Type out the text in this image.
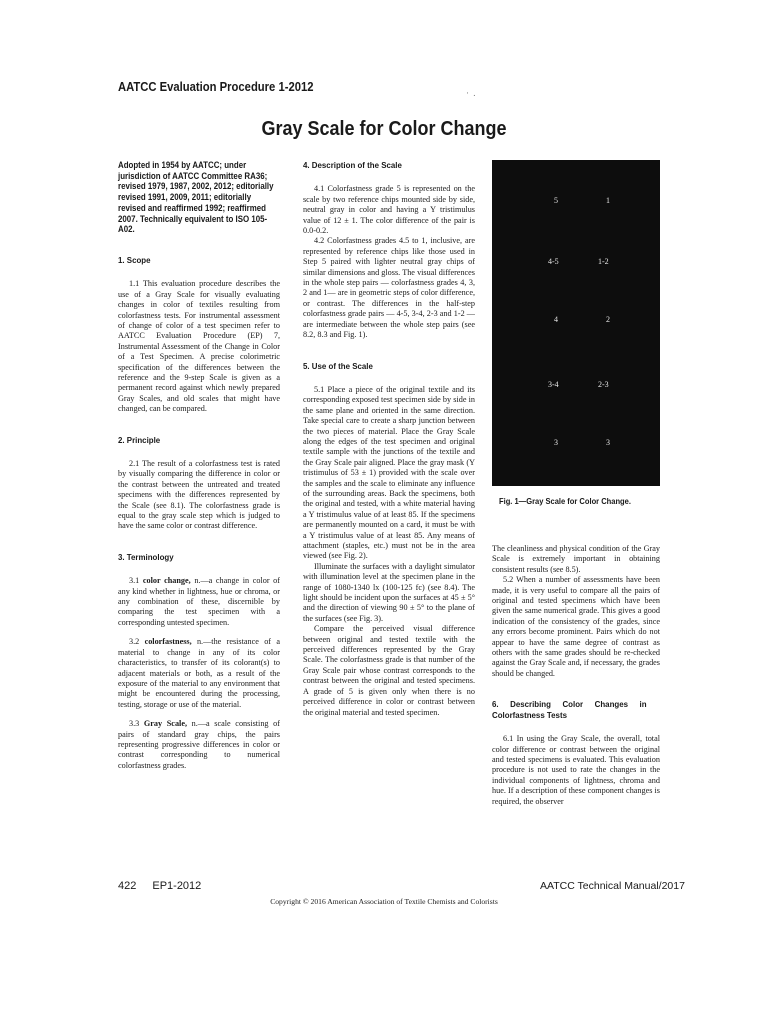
AATCC Evaluation Procedure 1-2012	· .
Gray Scale for Color Change
Adopted in 1954 by AATCC; under jurisdiction of AATCC Committee RA36; revised 1979, 1987, 2002, 2012; editorially revised 1991, 2009, 2011; editorially revised and reaffirmed 1992; reaffirmed 2007. Technically equivalent to ISO 105-A02.
1. Scope

1.1 This evaluation procedure describes the use of a Gray Scale for visually evaluating changes in color of textiles resulting from colorfastness tests. For instrumental assessment of change of color of a test specimen refer to AATCC Evaluation Procedure (EP) 7, Instrumental Assessment of the Change in Color of a Test Specimen. A precise colorimetric specification of the differences between the reference and the 9-step Scale is given as a permanent record against which newly prepared Gray Scales, and old scales that might have changed, can be compared.

2. Principle

2.1 The result of a colorfastness test is rated by visually comparing the difference in color or the contrast between the untreated and treated specimens with the differences represented by the Scale (see 8.1). The colorfastness grade is equal to the gray scale step which is judged to have the same color or contrast difference.

3. Terminology

3.1 color change, n.—a change in color of any kind whether in lightness, hue or chroma, or any combination of these, discernible by comparing the test specimen with a corresponding untested specimen.

3.2 colorfastness, n.—the resistance of a material to change in any of its color characteristics, to transfer of its colorant(s) to adjacent materials or both, as a result of the exposure of the material to any environment that might be encountered during the processing, testing, storage or use of the material.

3.3 Gray Scale, n.—a scale consisting of pairs of standard gray chips, the pairs representing progressive differences in color or contrast corresponding to numerical colorfastness grades.

4. Description of the Scale

4.1 Colorfastness grade 5 is represented on the scale by two reference chips mounted side by side, neutral gray in color and having a Y tristimulus value of 12 ± 1. The color difference of the pair is 0.0-0.2.

4.2 Colorfastness grades 4.5 to 1, inclusive, are represented by reference chips like those used in Step 5 paired with lighter neutral gray chips of similar dimensions and gloss. The visual differences in the whole step pairs — colorfastness grades 4, 3, 2 and 1— are in geometric steps of color difference, or contrast. The differences in the half-step colorfastness grade pairs — 4-5, 3-4, 2-3 and 1-2 — are intermediate between the whole step pairs (see 8.2, 8.3 and Fig. 1).

5. Use of the Scale

5.1 Place a piece of the original textile and its corresponding exposed test specimen side by side in the same plane and oriented in the same direction. Take special care to create a sharp junction between the two pieces of material. Place the Gray Scale along the edges of the test specimen and original textile sample with the junctions of the textile and the Gray Scale pair aligned. Place the gray mask (Y tristimulus of 53 ± 1) provided with the scale over the samples and the scale to eliminate any influence of the surrounding areas. Back the specimens, both the original and tested, with a white material having a Y tristimulus value of at least 85. If the specimens are permanently mounted on a card, it must be with a Y tristimulus value of at least 85. Any means of attachment (staples, etc.) must not be in the area viewed (see Fig. 2).

Illuminate the surfaces with a daylight simulator with illumination level at the specimen plane in the range of 1080-1340 lx (100-125 fc) (see 8.4). The light should be incident upon the surfaces at 45 ± 5° and the direction of viewing 90 ± 5° to the plane of the surfaces (see Fig. 3).

Compare the perceived visual difference between original and tested textile with the perceived differences represented by the Gray Scale. The colorfastness grade is that number of the Gray Scale pair whose contrast corresponds to the contrast between the original and tested specimens. A grade of 5 is given only when there is no perceived difference in color or contrast between the original material and tested specimen.

5	1
4-5	1-2
4	2
3-4	2-3
3	3
Fig. 1—Gray Scale for Color Change.

The cleanliness and physical condition of the Gray Scale is extremely important in obtaining consistent results (see 8.5).

5.2 When a number of assessments have been made, it is very useful to compare all the pairs of original and tested specimens which have been given the same numerical grade. This gives a good indication of the consistency of the grades, since any errors become prominent. Pairs which do not appear to have the same degree of contrast as others with the same grades should be re-checked against the Gray Scale and, if necessary, the grades should be changed.

6. Describing Color Changes in Colorfastness Tests

6.1 In using the Gray Scale, the overall, total color difference or contrast between the original and tested specimens is evaluated. This evaluation procedure is not used to rate the changes in the individual components of lightness, chroma and hue. If a description of these component changes is required, the observer

422 EP1-2012	AATCC Technical Manual/2017
Copyright © 2016 American Association of Textile Chemists and Colorists
